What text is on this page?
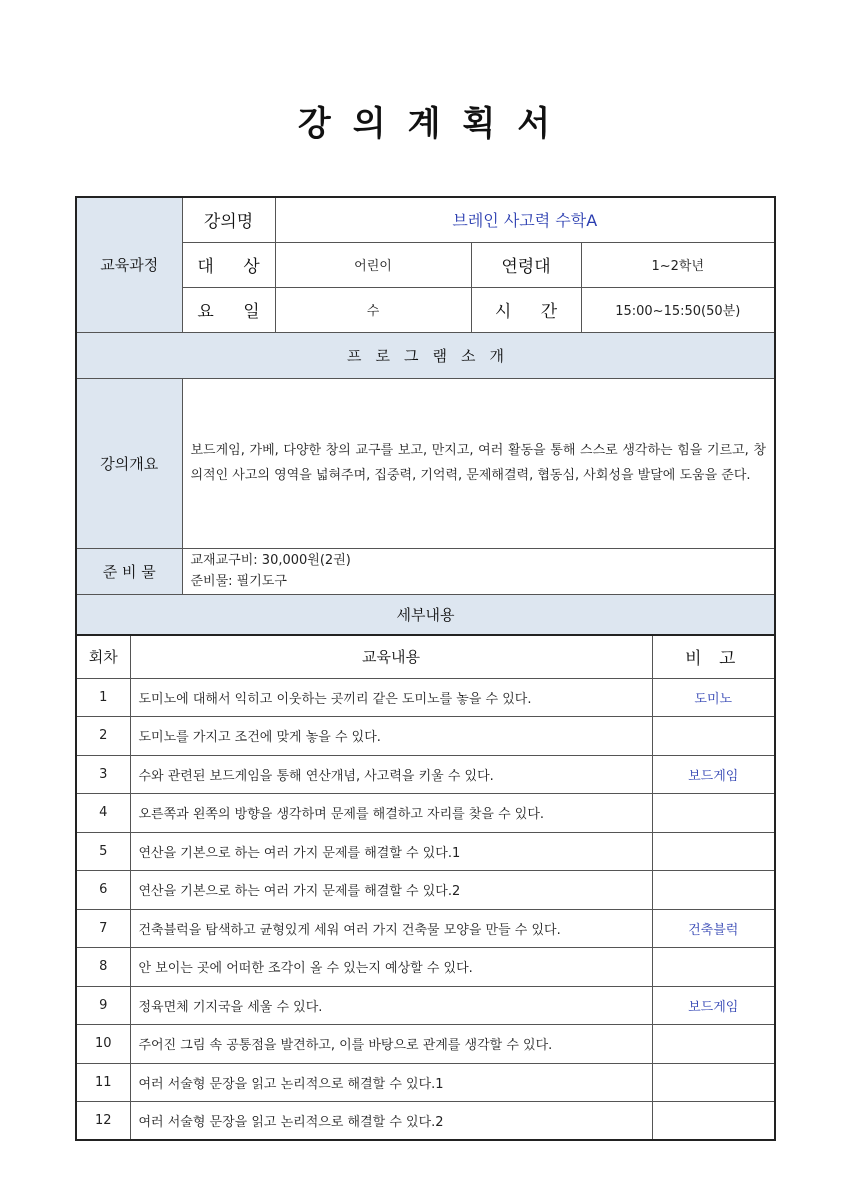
강의계획서
교육과정	강의명	브레인 사고력 수학A		
	대 상	어린이	연령대	1~2학년
	요 일	수	시 간	15:00~15:50(50분)
프로그램소개				
강의개요	보드게임, 가베, 다양한 창의 교구를 보고, 만지고, 여러 활동을 통해 스스로 생각하는 힘을 기르고, 창의적인 사고의 영역을 넓혀주며, 집중력, 기억력, 문제해결력, 협동심, 사회성을 발달에 도움을 준다.			
준 비 물	교재교구비: 30,000원(2권)
준비물: 필기도구			

세부내용				
회차	교육내용	비 고
1	도미노에 대해서 익히고 이웃하는 곳끼리 같은 도미노를 놓을 수 있다.	도미노
2	도미노를 가지고 조건에 맞게 놓을 수 있다.	
3	수와 관련된 보드게임을 통해 연산개념, 사고력을 키울 수 있다.	보드게임
4	오른쪽과 왼쪽의 방향을 생각하며 문제를 해결하고 자리를 찾을 수 있다.	
5	연산을 기본으로 하는 여러 가지 문제를 해결할 수 있다.1	
6	연산을 기본으로 하는 여러 가지 문제를 해결할 수 있다.2	
7	건축블럭을 탐색하고 균형있게 세워 여러 가지 건축물 모양을 만들 수 있다.	건축블럭
8	안 보이는 곳에 어떠한 조각이 올 수 있는지 예상할 수 있다.	
9	정육면체 기지국을 세울 수 있다.	보드게임
10	주어진 그림 속 공통점을 발견하고, 이를 바탕으로 관계를 생각할 수 있다.	
11	여러 서술형 문장을 읽고 논리적으로 해결할 수 있다.1	
12	여러 서술형 문장을 읽고 논리적으로 해결할 수 있다.2	
